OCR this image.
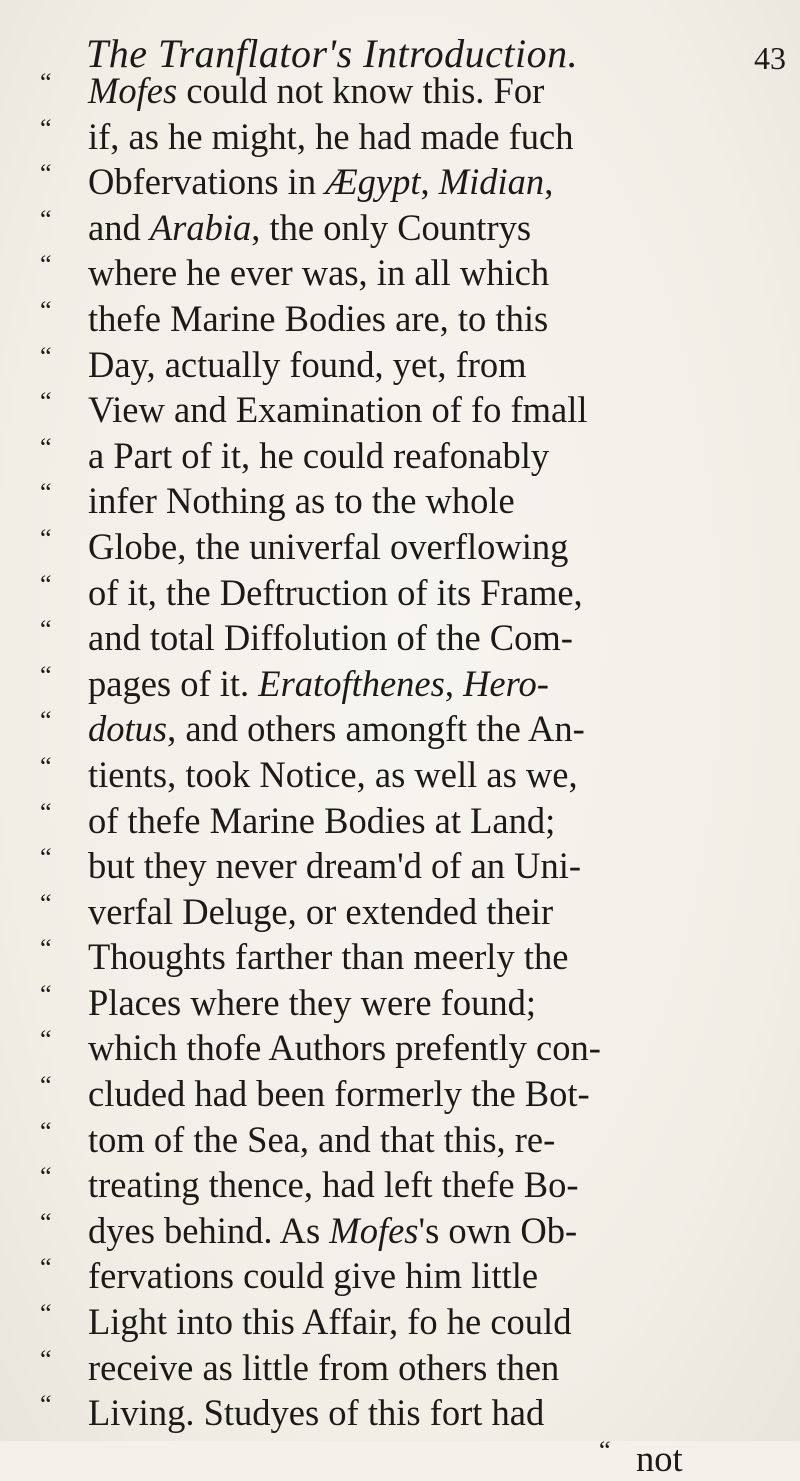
The Tranflator's Introduction.	43
“ Mofes could not know this. For
“ if, as he might, he had made fuch
“ Obfervations in Ægypt, Midian,
“ and Arabia, the only Countrys
“ where he ever was, in all which
“ thefe Marine Bodies are, to this
“ Day, actually found, yet, from
“ View and Examination of fo fmall
“ a Part of it, he could reafonably
“ infer Nothing as to the whole
“ Globe, the univerfal overflowing
“ of it, the Deftruction of its Frame,
“ and total Diffolution of the Com-
“ pages of it. Eratofthenes, Hero-
“ dotus, and others amongft the An-
“ tients, took Notice, as well as we,
“ of thefe Marine Bodies at Land;
“ but they never dream'd of an Uni-
“ verfal Deluge, or extended their
“ Thoughts farther than meerly the
“ Places where they were found;
“ which thofe Authors prefently con-
“ cluded had been formerly the Bot-
“ tom of the Sea, and that this, re-
“ treating thence, had left thefe Bo-
“ dyes behind. As Mofes's own Ob-
“ fervations could give him little
“ Light into this Affair, fo he could
“ receive as little from others then
“ Living. Studyes of this fort had
“ not
